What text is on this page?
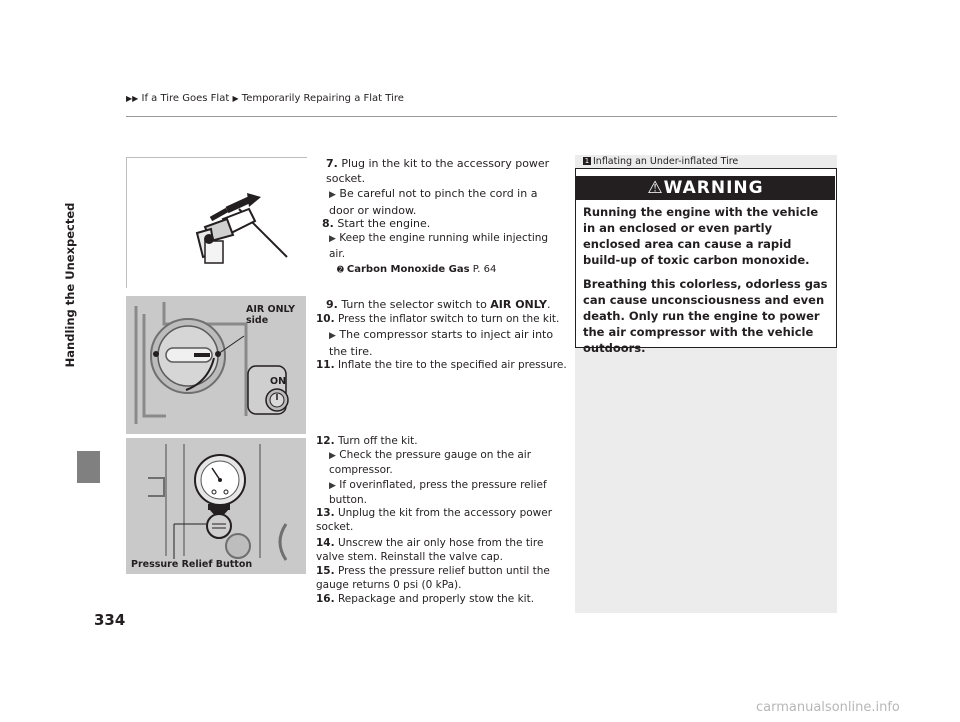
▶▶ If a Tire Goes Flat ▶ Temporarily Repairing a Flat Tire
Handling the Unexpected
334
AIR ONLY
side
ON
Pressure Relief Button
7. Plug in the kit to the accessory power socket.
▶ Be careful not to pinch the cord in a door or window.
8. Start the engine.
▶ Keep the engine running while injecting air.
➋ Carbon Monoxide Gas P. 64
9. Turn the selector switch to AIR ONLY.
10. Press the inflator switch to turn on the kit.
▶ The compressor starts to inject air into the tire.
11. Inflate the tire to the specified air pressure.
12. Turn off the kit.
▶ Check the pressure gauge on the air compressor.
▶ If overinflated, press the pressure relief button.
13. Unplug the kit from the accessory power socket.
14. Unscrew the air only hose from the tire valve stem. Reinstall the valve cap.
15. Press the pressure relief button until the gauge returns 0 psi (0 kPa).
16. Repackage and properly stow the kit.
1 Inflating an Under-inflated Tire
⚠WARNING

Running the engine with the vehicle in an enclosed or even partly enclosed area can cause a rapid build-up of toxic carbon monoxide.

Breathing this colorless, odorless gas can cause unconsciousness and even death. Only run the engine to power the air compressor with the vehicle outdoors.

carmanualsonline.info
